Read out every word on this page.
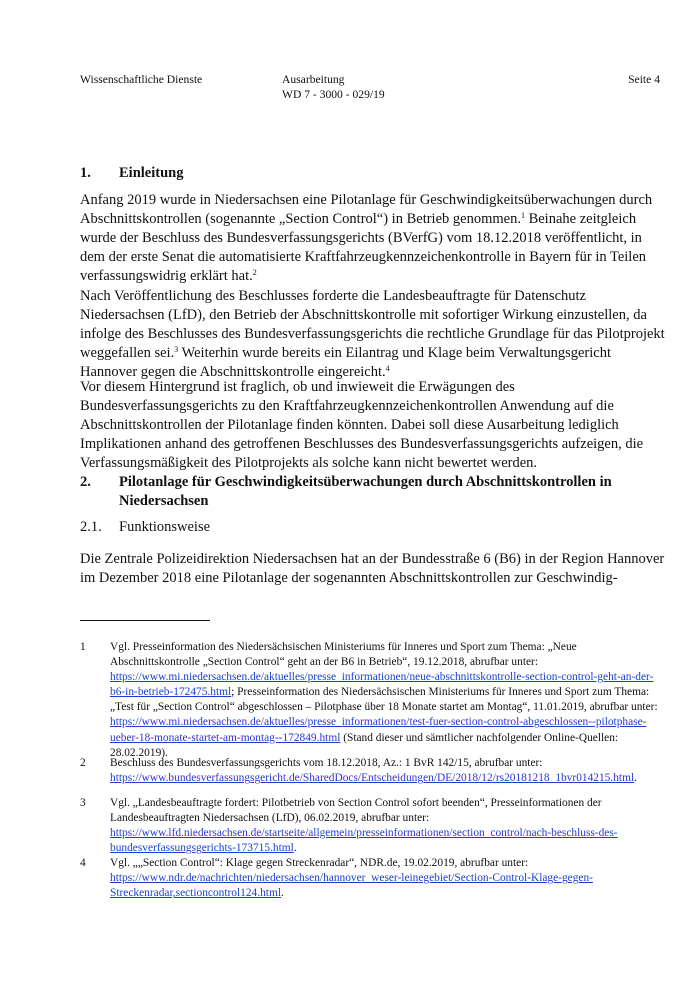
Wissenschaftliche Dienste	Ausarbeitung
WD 7 - 3000 - 029/19
Seite 4
1. Einleitung
Anfang 2019 wurde in Niedersachsen eine Pilotanlage für Geschwindigkeitsüberwachungen durch Abschnittskontrollen (sogenannte „Section Control“) in Betrieb genommen.$^1$ Beinahe zeitgleich wurde der Beschluss des Bundesverfassungsgerichts (BVerfG) vom 18.12.2018 veröffentlicht, in dem der erste Senat die automatisierte Kraftfahrzeugkennzeichenkontrolle in Bayern für in Teilen verfassungswidrig erklärt hat.$^2$
Nach Veröffentlichung des Beschlusses forderte die Landesbeauftragte für Datenschutz Niedersachsen (LfD), den Betrieb der Abschnittskontrolle mit sofortiger Wirkung einzustellen, da infolge des Beschlusses des Bundesverfassungsgerichts die rechtliche Grundlage für das Pilotprojekt weggefallen sei.$^3$ Weiterhin wurde bereits ein Eilantrag und Klage beim Verwaltungsgericht Hannover gegen die Abschnittskontrolle eingereicht.$^4$
Vor diesem Hintergrund ist fraglich, ob und inwieweit die Erwägungen des Bundesverfassungsgerichts zu den Kraftfahrzeugkennzeichenkontrollen Anwendung auf die Abschnittskontrollen der Pilotanlage finden könnten. Dabei soll diese Ausarbeitung lediglich Implikationen anhand des getroffenen Beschlusses des Bundesverfassungsgerichts aufzeigen, die Verfassungsmäßigkeit des Pilotprojekts als solche kann nicht bewertet werden.
2. Pilotanlage für Geschwindigkeitsüberwachungen durch Abschnittskontrollen in Niedersachsen
2.1. Funktionsweise
Die Zentrale Polizeidirektion Niedersachsen hat an der Bundesstraße 6 (B6) in der Region Hannover im Dezember 2018 eine Pilotanlage der sogenannten Abschnittskontrollen zur Geschwindig-
1 Vgl. Presseinformation des Niedersächsischen Ministeriums für Inneres und Sport zum Thema: „Neue Abschnittskontrolle „Section Control“ geht an der B6 in Betrieb“, 19.12.2018, abrufbar unter: https://www.mi.niedersachsen.de/aktuelles/presse_informationen/neue-abschnittskontrolle-section-control-geht-an-der-b6-in-betrieb-172475.html; Presseinformation des Niedersächsischen Ministeriums für Inneres und Sport zum Thema: „Test für „Section Control“ abgeschlossen – Pilotphase über 18 Monate startet am Montag“, 11.01.2019, abrufbar unter: https://www.mi.niedersachsen.de/aktuelles/presse_informationen/test-fuer-section-control-abgeschlossen--pilotphase-ueber-18-monate-startet-am-montag--172849.html (Stand dieser und sämtlicher nachfolgender Online-Quellen: 28.02.2019).
2 Beschluss des Bundesverfassungsgerichts vom 18.12.2018, Az.: 1 BvR 142/15, abrufbar unter: https://www.bundesverfassungsgericht.de/SharedDocs/Entscheidungen/DE/2018/12/rs20181218_1bvr014215.html.
3 Vgl. „Landesbeauftragte fordert: Pilotbetrieb von Section Control sofort beenden“, Presseinformationen der Landesbeauftragten Niedersachsen (LfD), 06.02.2019, abrufbar unter: https://www.lfd.niedersachsen.de/startseite/allgemein/presseinformationen/section_control/nach-beschluss-des-bundesverfassungsgerichts-173715.html.
4 Vgl. „„Section Control“: Klage gegen Streckenradar“, NDR.de, 19.02.2019, abrufbar unter: https://www.ndr.de/nachrichten/niedersachsen/hannover_weser-leinegebiet/Section-Control-Klage-gegen-Streckenradar,sectioncontrol124.html.
